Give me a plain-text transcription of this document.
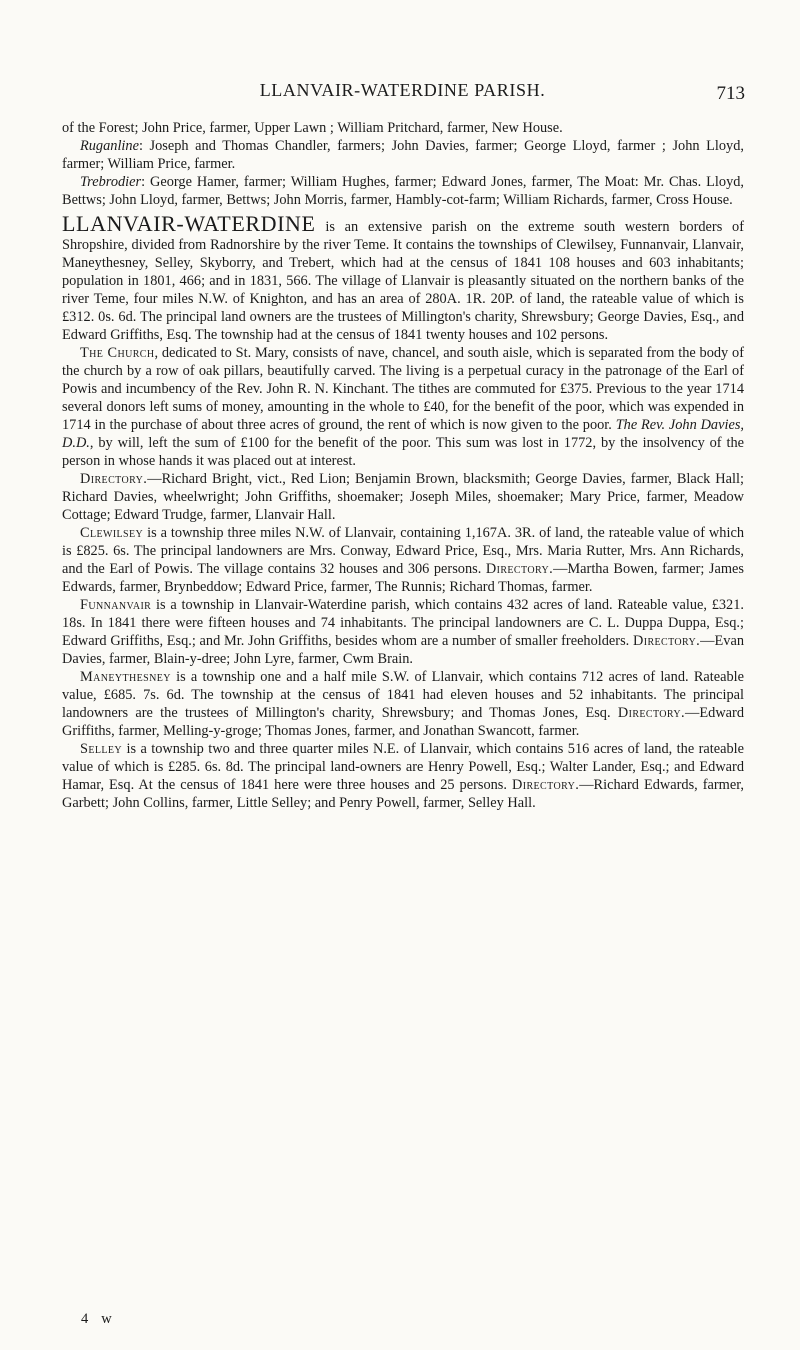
LLANVAIR-WATERDINE PARISH.	713

of the Forest; John Price, farmer, Upper Lawn ; William Pritchard, farmer, New House.

Ruganline: Joseph and Thomas Chandler, farmers; John Davies, farmer; George Lloyd, farmer ; John Lloyd, farmer; William Price, farmer.

Trebrodier: George Hamer, farmer; William Hughes, farmer; Edward Jones, farmer, The Moat: Mr. Chas. Lloyd, Bettws; John Lloyd, farmer, Bettws; John Morris, farmer, Hambly-cot-farm; William Richards, farmer, Cross House.

LLANVAIR-WATERDINE is an extensive parish on the extreme south western borders of Shropshire, divided from Radnorshire by the river Teme. It contains the townships of Clewilsey, Funnanvair, Llanvair, Maneythesney, Selley, Skyborry, and Trebert, which had at the census of 1841 108 houses and 603 inhabitants; population in 1801, 466; and in 1831, 566. The village of Llanvair is pleasantly situated on the northern banks of the river Teme, four miles N.W. of Knighton, and has an area of 280A. 1R. 20P. of land, the rateable value of which is £312. 0s. 6d. The principal land owners are the trustees of Millington's charity, Shrewsbury; George Davies, Esq., and Edward Griffiths, Esq. The township had at the census of 1841 twenty houses and 102 persons.

The Church, dedicated to St. Mary, consists of nave, chancel, and south aisle, which is separated from the body of the church by a row of oak pillars, beautifully carved. The living is a perpetual curacy in the patronage of the Earl of Powis and incumbency of the Rev. John R. N. Kinchant. The tithes are commuted for £375. Previous to the year 1714 several donors left sums of money, amounting in the whole to £40, for the benefit of the poor, which was expended in 1714 in the purchase of about three acres of ground, the rent of which is now given to the poor. The Rev. John Davies, D.D., by will, left the sum of £100 for the benefit of the poor. This sum was lost in 1772, by the insolvency of the person in whose hands it was placed out at interest.

Directory.—Richard Bright, vict., Red Lion; Benjamin Brown, blacksmith; George Davies, farmer, Black Hall; Richard Davies, wheelwright; John Griffiths, shoemaker; Joseph Miles, shoemaker; Mary Price, farmer, Meadow Cottage; Edward Trudge, farmer, Llanvair Hall.

Clewilsey is a township three miles N.W. of Llanvair, containing 1,167A. 3R. of land, the rateable value of which is £825. 6s. The principal landowners are Mrs. Conway, Edward Price, Esq., Mrs. Maria Rutter, Mrs. Ann Richards, and the Earl of Powis. The village contains 32 houses and 306 persons. Directory.—Martha Bowen, farmer; James Edwards, farmer, Brynbeddow; Edward Price, farmer, The Runnis; Richard Thomas, farmer.

Funnanvair is a township in Llanvair-Waterdine parish, which contains 432 acres of land. Rateable value, £321. 18s. In 1841 there were fifteen houses and 74 inhabitants. The principal landowners are C. L. Duppa Duppa, Esq.; Edward Griffiths, Esq.; and Mr. John Griffiths, besides whom are a number of smaller freeholders. Directory.—Evan Davies, farmer, Blain-y-dree; John Lyre, farmer, Cwm Brain.

Maneythesney is a township one and a half mile S.W. of Llanvair, which contains 712 acres of land. Rateable value, £685. 7s. 6d. The township at the census of 1841 had eleven houses and 52 inhabitants. The principal landowners are the trustees of Millington's charity, Shrewsbury; and Thomas Jones, Esq. Directory.—Edward Griffiths, farmer, Melling-y-groge; Thomas Jones, farmer, and Jonathan Swancott, farmer.

Selley is a township two and three quarter miles N.E. of Llanvair, which contains 516 acres of land, the rateable value of which is £285. 6s. 8d. The principal land-owners are Henry Powell, Esq.; Walter Lander, Esq.; and Edward Hamar, Esq. At the census of 1841 here were three houses and 25 persons. Directory.—Richard Edwards, farmer, Garbett; John Collins, farmer, Little Selley; and Penry Powell, farmer, Selley Hall.

4 w
